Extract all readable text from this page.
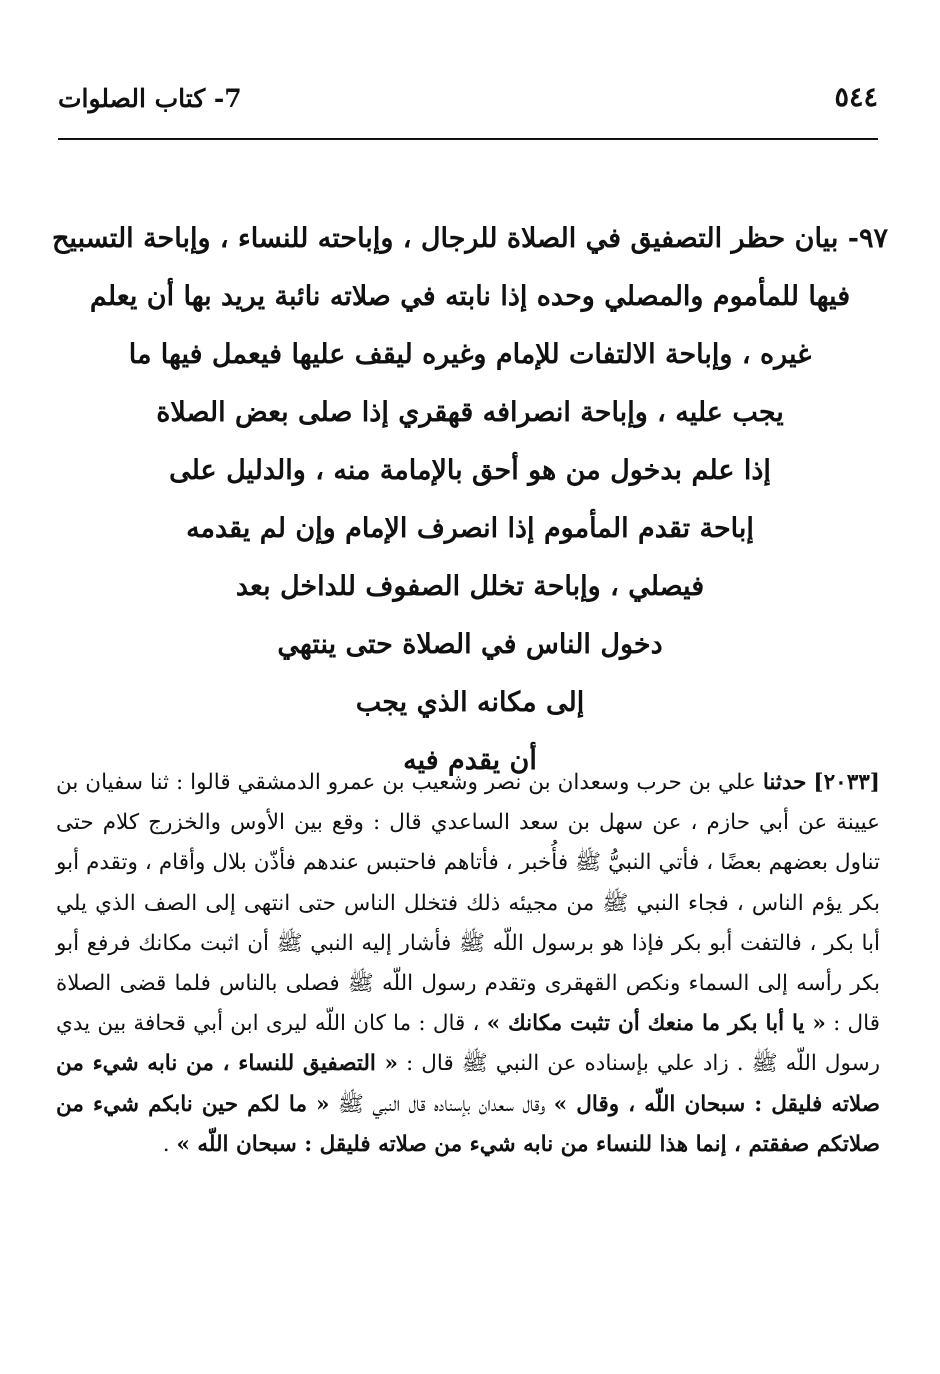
٥٤٤
7- كتاب الصلوات
٩٧- بيان حظر التصفيق في الصلاة للرجال ، وإباحته للنساء ، وإباحة التسبيح
فيها للمأموم والمصلي وحده إذا نابته في صلاته نائبة يريد بها أن يعلم
غيره ، وإباحة الالتفات للإمام وغيره ليقف عليها فيعمل فيها ما
يجب عليه ، وإباحة انصرافه قهقري إذا صلى بعض الصلاة
إذا علم بدخول من هو أحق بالإمامة منه ، والدليل على
إباحة تقدم المأموم إذا انصرف الإمام وإن لم يقدمه
فيصلي ، وإباحة تخلل الصفوف للداخل بعد
دخول الناس في الصلاة حتى ينتهي
إلى مكانه الذي يجب
أن يقدم فيه
[٢٠٣٣] حدثنا علي بن حرب وسعدان بن نصر وشعيب بن عمرو الدمشقي قالوا : ثنا سفيان بن عيينة عن أبي حازم ، عن سهل بن سعد الساعدي قال : وقع بين الأوس والخزرج كلام حتى تناول بعضهم بعضًا ، فأتي النبيُّ ﷺ فأُخبر ، فأتاهم فاحتبس عندهم فأذّن بلال وأقام ، وتقدم أبو بكر يؤم الناس ، فجاء النبي ﷺ من مجيئه ذلك فتخلل الناس حتى انتهى إلى الصف الذي يلي أبا بكر ، فالتفت أبو بكر فإذا هو برسول اللّه ﷺ فأشار إليه النبي ﷺ أن اثبت مكانك فرفع أبو بكر رأسه إلى السماء ونكص القهقرى وتقدم رسول اللّه ﷺ فصلى بالناس فلما قضى الصلاة قال : « يا أبا بكر ما منعك أن تثبت مكانك » ، قال : ما كان اللّه ليرى ابن أبي قحافة بين يدي رسول اللّه ﷺ . زاد علي بإسناده عن النبي ﷺ قال : « التصفيق للنساء ، من نابه شيء من صلاته فليقل : سبحان اللّه ، وقال » وقال سعدان بإسناده قال النبي ﷺ « ما لكم حين نابكم شيء من صلاتكم صفقتم ، إنما هذا للنساء من نابه شيء من صلاته فليقل : سبحان اللّه » .
